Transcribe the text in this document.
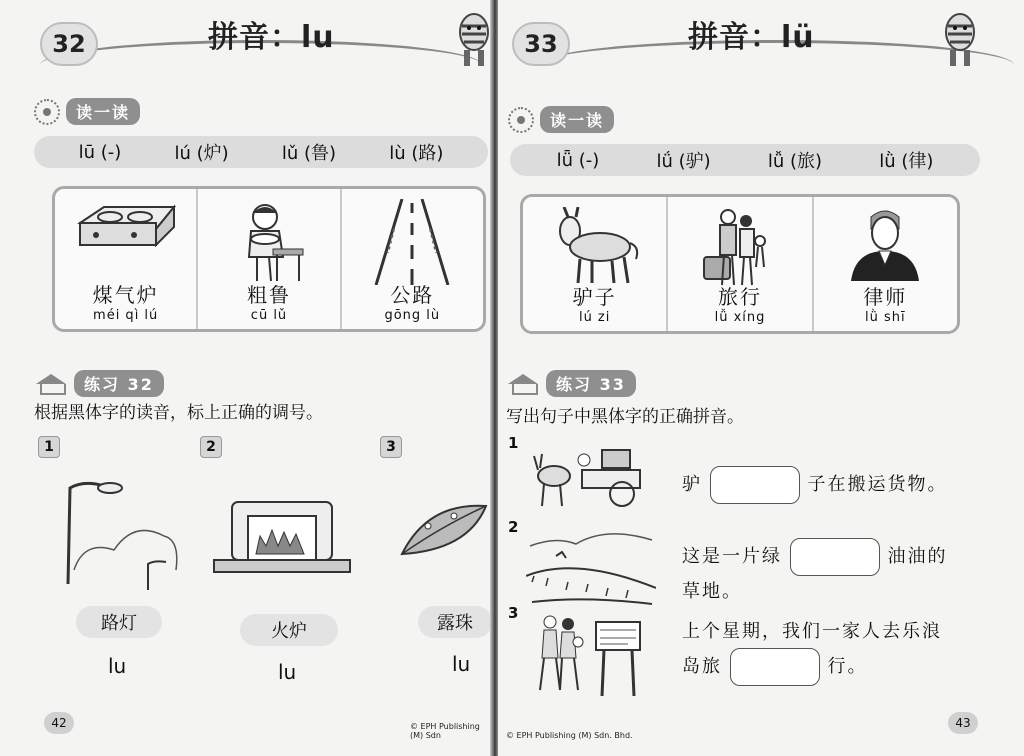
32	拼音：lu
读一读
lū (-)	lú (炉)	lǔ (鲁)	lù (路)
煤气炉
méi qì lú
粗鲁
cū lǔ
公路
gōng lù
练习 32
根据黑体字的读音，标上正确的调号。
1
路灯
lu
2
火炉
lu
3
露珠
lu
42	© EPH Publishing (M) Sdn
33	拼音：lü
读一读
lǖ (-)	lǘ (驴)	lǚ (旅)	lǜ (律)
驴子
lú zi
旅行
lǚ xíng
律师
lǜ shī
练习 33
写出句子中黑体字的正确拼音。
1
驴	子在搬运货物。
2
这是一片绿	油油的
草地。
3
上个星期，我们一家人去乐浪
岛旅	行。
© EPH Publishing (M) Sdn. Bhd.
43
